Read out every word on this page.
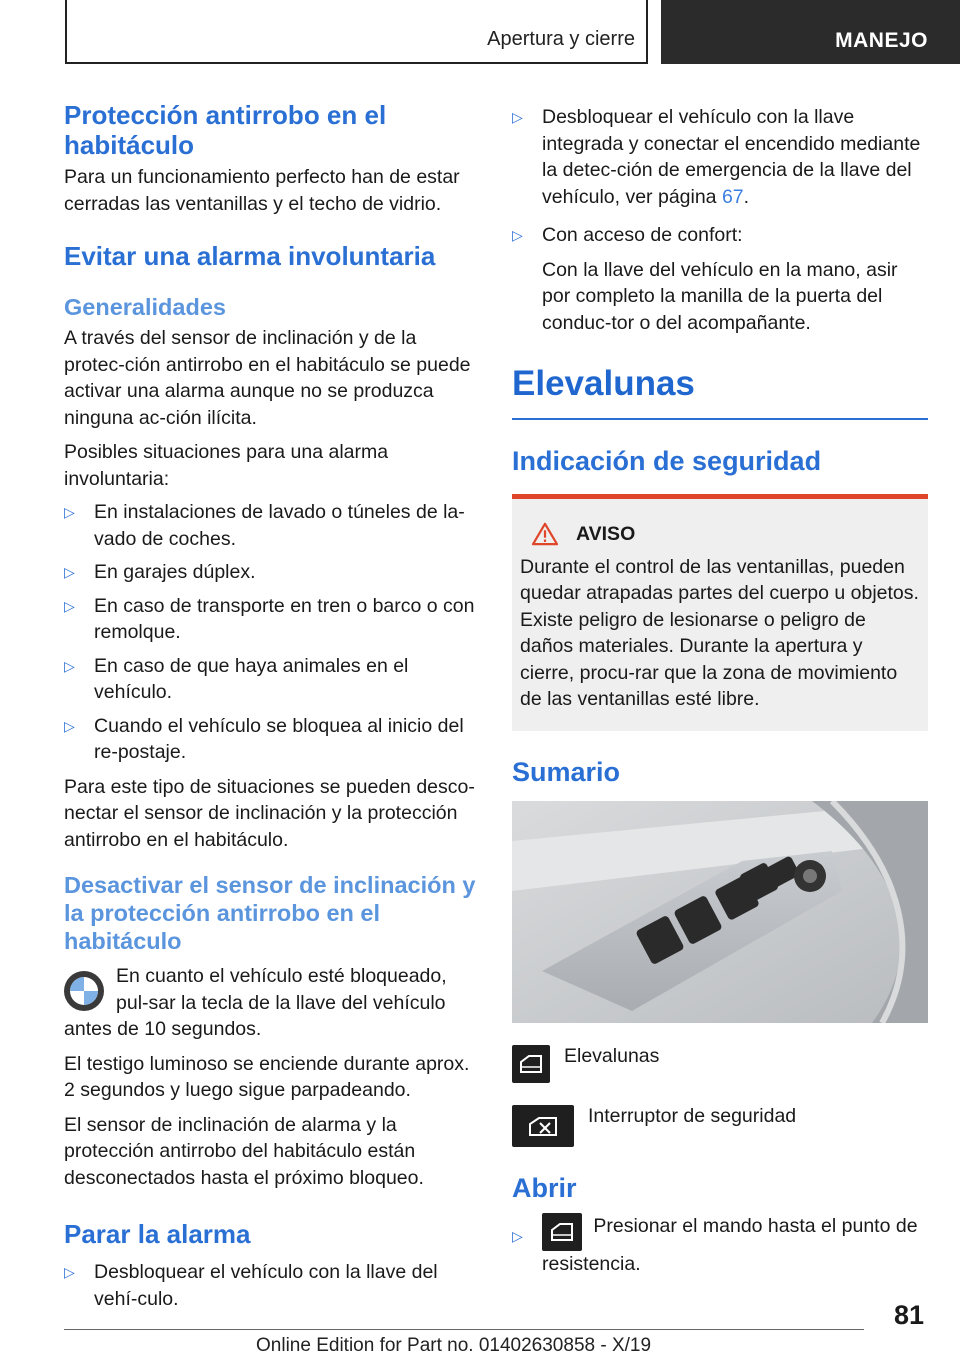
Apertura y cierre	MANEJO
Protección antirrobo en el habitáculo

Para un funcionamiento perfecto han de estar cerradas las ventanillas y el techo de vidrio.

Evitar una alarma involuntaria
Generalidades

A través del sensor de inclinación y de la protec-ción antirrobo en el habitáculo se puede activar una alarma aunque no se produzca ninguna ac-ción ilícita.

Posibles situaciones para una alarma involuntaria:

▷ En instalaciones de lavado o túneles de la-vado de coches.
▷ En garajes dúplex.
▷ En caso de transporte en tren o barco o con remolque.
▷ En caso de que haya animales en el vehículo.
▷ Cuando el vehículo se bloquea al inicio del re-postaje.

Para este tipo de situaciones se pueden desco-nectar el sensor de inclinación y la protección antirrobo en el habitáculo.

Desactivar el sensor de inclinación y la protección antirrobo en el habitáculo

En cuanto el vehículo esté bloqueado, pul-sar la tecla de la llave del vehículo antes de 10 segundos.

El testigo luminoso se enciende durante aprox. 2 segundos y luego sigue parpadeando.

El sensor de inclinación de alarma y la protección antirrobo del habitáculo están desconectados hasta el próximo bloqueo.

Parar la alarma
▷ Desbloquear el vehículo con la llave del vehí-culo.
▷ Desbloquear el vehículo con la llave integrada y conectar el encendido mediante la detec-ción de emergencia de la llave del vehículo, ver página 67.
▷ Con acceso de confort:

Con la llave del vehículo en la mano, asir por completo la manilla de la puerta del conduc-tor o del acompañante.

Elevalunas
Indicación de seguridad
AVISO

Durante el control de las ventanillas, pueden quedar atrapadas partes del cuerpo u objetos. Existe peligro de lesionarse o peligro de daños materiales. Durante la apertura y cierre, procu-rar que la zona de movimiento de las ventanillas esté libre.

Sumario
Elevalunas
Interruptor de seguridad
Abrir
▷	Presionar el mando hasta el punto de resistencia.
81
Online Edition for Part no. 01402630858 - X/19
